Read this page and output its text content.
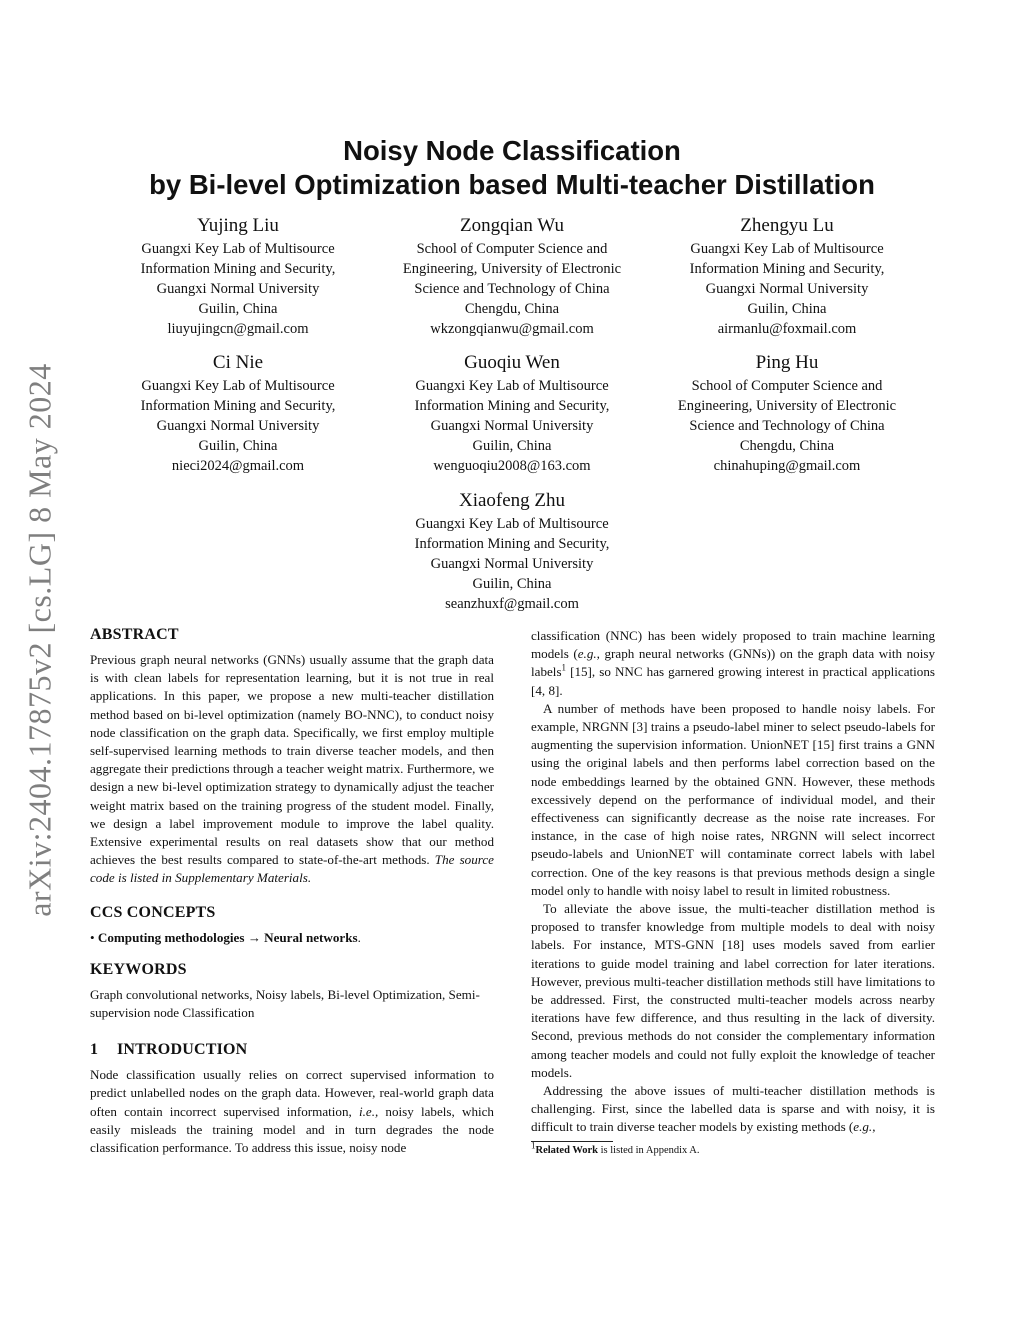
arXiv:2404.17875v2 [cs.LG] 8 May 2024
Noisy Node Classification
by Bi-level Optimization based Multi-teacher Distillation
Yujing Liu
Guangxi Key Lab of Multisource
Information Mining and Security,
Guangxi Normal University
Guilin, China
liuyujingcn@gmail.com
Zongqian Wu
School of Computer Science and
Engineering, University of Electronic
Science and Technology of China
Chengdu, China
wkzongqianwu@gmail.com
Zhengyu Lu
Guangxi Key Lab of Multisource
Information Mining and Security,
Guangxi Normal University
Guilin, China
airmanlu@foxmail.com
Ci Nie
Guangxi Key Lab of Multisource
Information Mining and Security,
Guangxi Normal University
Guilin, China
nieci2024@gmail.com
Guoqiu Wen
Guangxi Key Lab of Multisource
Information Mining and Security,
Guangxi Normal University
Guilin, China
wenguoqiu2008@163.com
Ping Hu
School of Computer Science and
Engineering, University of Electronic
Science and Technology of China
Chengdu, China
chinahuping@gmail.com
Xiaofeng Zhu
Guangxi Key Lab of Multisource
Information Mining and Security,
Guangxi Normal University
Guilin, China
seanzhuxf@gmail.com
ABSTRACT

Previous graph neural networks (GNNs) usually assume that the graph data is with clean labels for representation learning, but it is not true in real applications. In this paper, we propose a new multi-teacher distillation method based on bi-level optimization (namely BO-NNC), to conduct noisy node classification on the graph data. Specifically, we first employ multiple self-supervised learning methods to train diverse teacher models, and then aggregate their predictions through a teacher weight matrix. Furthermore, we design a new bi-level optimization strategy to dynamically adjust the teacher weight matrix based on the training progress of the student model. Finally, we design a label improvement module to improve the label quality. Extensive experimental results on real datasets show that our method achieves the best results compared to state-of-the-art methods. The source code is listed in Supplementary Materials.

CCS CONCEPTS

• Computing methodologies → Neural networks.

KEYWORDS

Graph convolutional networks, Noisy labels, Bi-level Optimization, Semi-supervision node Classification

1 INTRODUCTION

Node classification usually relies on correct supervised information to predict unlabelled nodes on the graph data. However, real-world graph data often contain incorrect supervised information, i.e., noisy labels, which easily misleads the training model and in turn degrades the node classification performance. To address this issue, noisy node

classification (NNC) has been widely proposed to train machine learning models (e.g., graph neural networks (GNNs)) on the graph data with noisy labels$^1$ [15], so NNC has garnered growing interest in practical applications [4, 8].

A number of methods have been proposed to handle noisy labels. For example, NRGNN [3] trains a pseudo-label miner to select pseudo-labels for augmenting the supervision information. UnionNET [15] first trains a GNN using the original labels and then performs label correction based on the node embeddings learned by the obtained GNN. However, these methods excessively depend on the performance of individual model, and their effectiveness can significantly decrease as the noise rate increases. For instance, in the case of high noise rates, NRGNN will select incorrect pseudo-labels and UnionNET will contaminate correct labels with label correction. One of the key reasons is that previous methods design a single model only to handle with noisy label to result in limited robustness.

To alleviate the above issue, the multi-teacher distillation method is proposed to transfer knowledge from multiple models to deal with noisy labels. For instance, MTS-GNN [18] uses models saved from earlier iterations to guide model training and label correction for later iterations. However, previous multi-teacher distillation methods still have limitations to be addressed. First, the constructed multi-teacher models across nearby iterations have few difference, and thus resulting in the lack of diversity. Second, previous methods do not consider the complementary information among teacher models and could not fully exploit the knowledge of teacher models.

Addressing the above issues of multi-teacher distillation methods is challenging. First, since the labelled data is sparse and with noisy, it is difficult to train diverse teacher models by existing methods (e.g.,

$^1$Related Work is listed in Appendix A.
